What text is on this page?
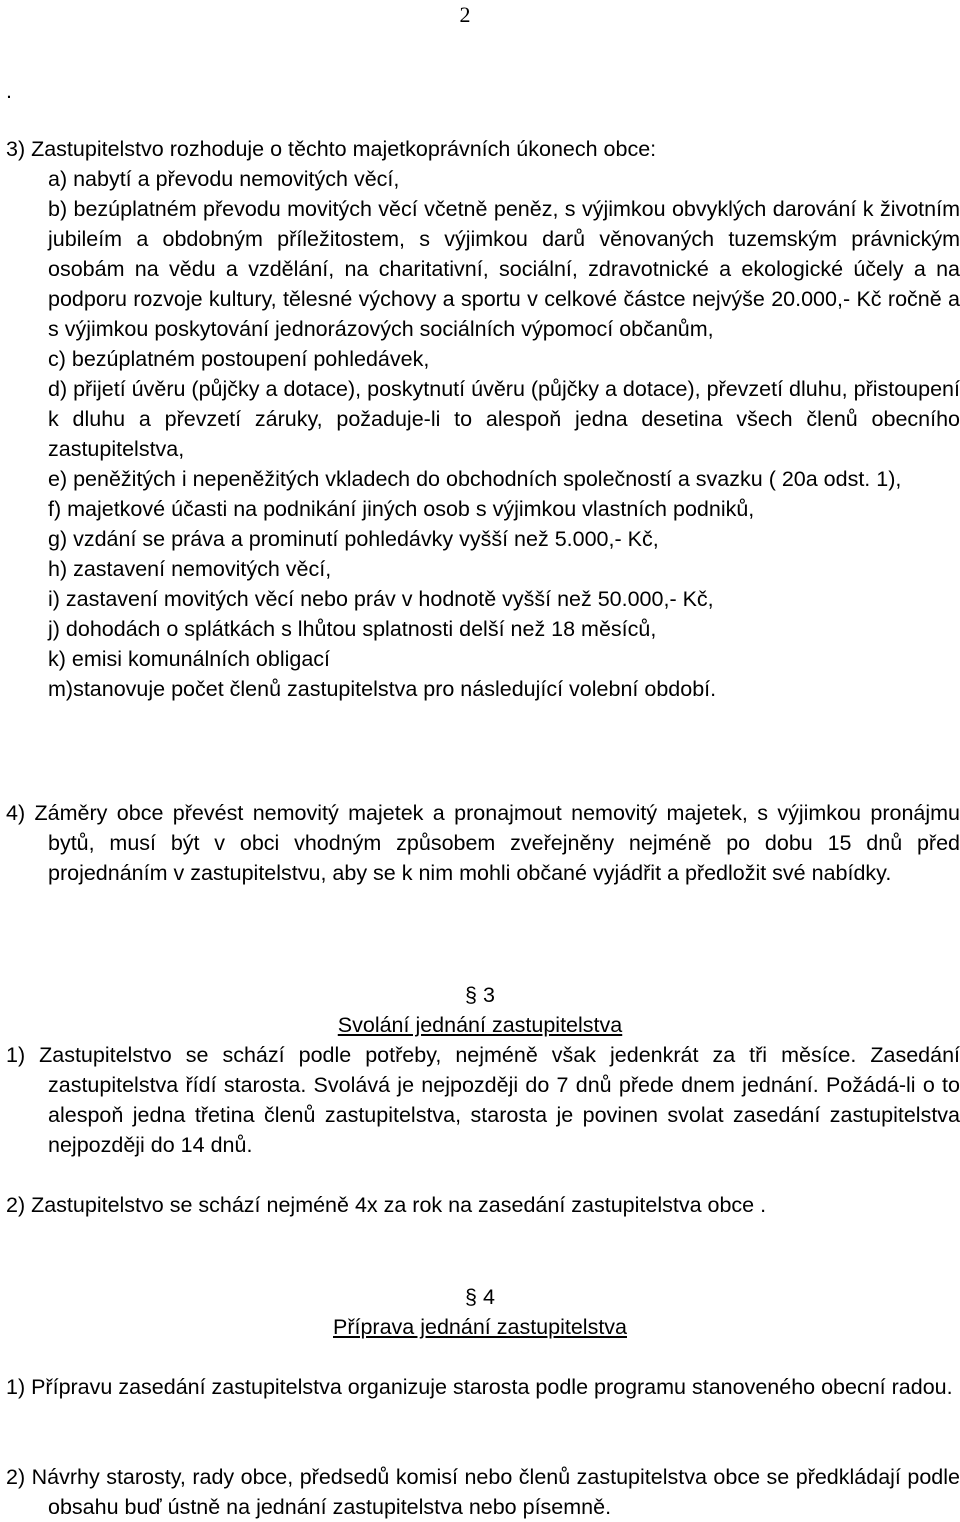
2
.

3) Zastupitelstvo rozhoduje o těchto majetkoprávních úkonech obce:

a) nabytí a převodu nemovitých věcí,

b) bezúplatném převodu movitých věcí včetně peněz, s výjimkou obvyklých darování k životním jubileím a obdobným příležitostem, s výjimkou darů věnovaných tuzemským právnickým osobám na vědu a vzdělání, na charitativní, sociální, zdravotnické a ekologické účely a na podporu rozvoje kultury, tělesné výchovy a sportu v celkové částce nejvýše 20.000,- Kč ročně a s výjimkou poskytování jednorázových sociálních výpomocí občanům,

c) bezúplatném postoupení pohledávek,

d) přijetí úvěru (půjčky a dotace), poskytnutí úvěru (půjčky a dotace), převzetí dluhu, přistoupení k dluhu a převzetí záruky, požaduje-li to alespoň jedna desetina všech členů obecního zastupitelstva,

e) peněžitých i nepeněžitých vkladech do obchodních společností a svazku ( 20a odst. 1),

f) majetkové účasti na podnikání jiných osob s výjimkou vlastních podniků,

g) vzdání se práva a prominutí pohledávky vyšší než 5.000,- Kč,

h) zastavení nemovitých věcí,

i) zastavení movitých věcí nebo práv v hodnotě vyšší než 50.000,- Kč,

j) dohodách o splátkách s lhůtou splatnosti delší než 18 měsíců,

k) emisi komunálních obligací

m)stanovuje počet členů zastupitelstva pro následující volební období.

4) Záměry obce převést nemovitý majetek a pronajmout nemovitý majetek, s výjimkou pronájmu bytů, musí být v obci vhodným způsobem zveřejněny nejméně po dobu 15 dnů před projednáním v zastupitelstvu, aby se k nim mohli občané vyjádřit a předložit své nabídky.

§ 3
Svolání jednání zastupitelstva

1) Zastupitelstvo se schází podle potřeby, nejméně však jedenkrát za tři měsíce. Zasedání zastupitelstva řídí starosta. Svolává je nejpozději do 7 dnů přede dnem jednání. Požádá-li o to alespoň jedna třetina členů zastupitelstva, starosta je povinen svolat zasedání zastupitelstva nejpozději do 14 dnů.

2) Zastupitelstvo se schází nejméně 4x za rok na zasedání zastupitelstva obce .

§ 4
Příprava jednání zastupitelstva

1) Přípravu zasedání zastupitelstva organizuje starosta podle programu stanoveného obecní radou.

2) Návrhy starosty, rady obce, předsedů komisí nebo členů zastupitelstva obce se předkládají podle obsahu buď ústně na jednání zastupitelstva nebo písemně.
